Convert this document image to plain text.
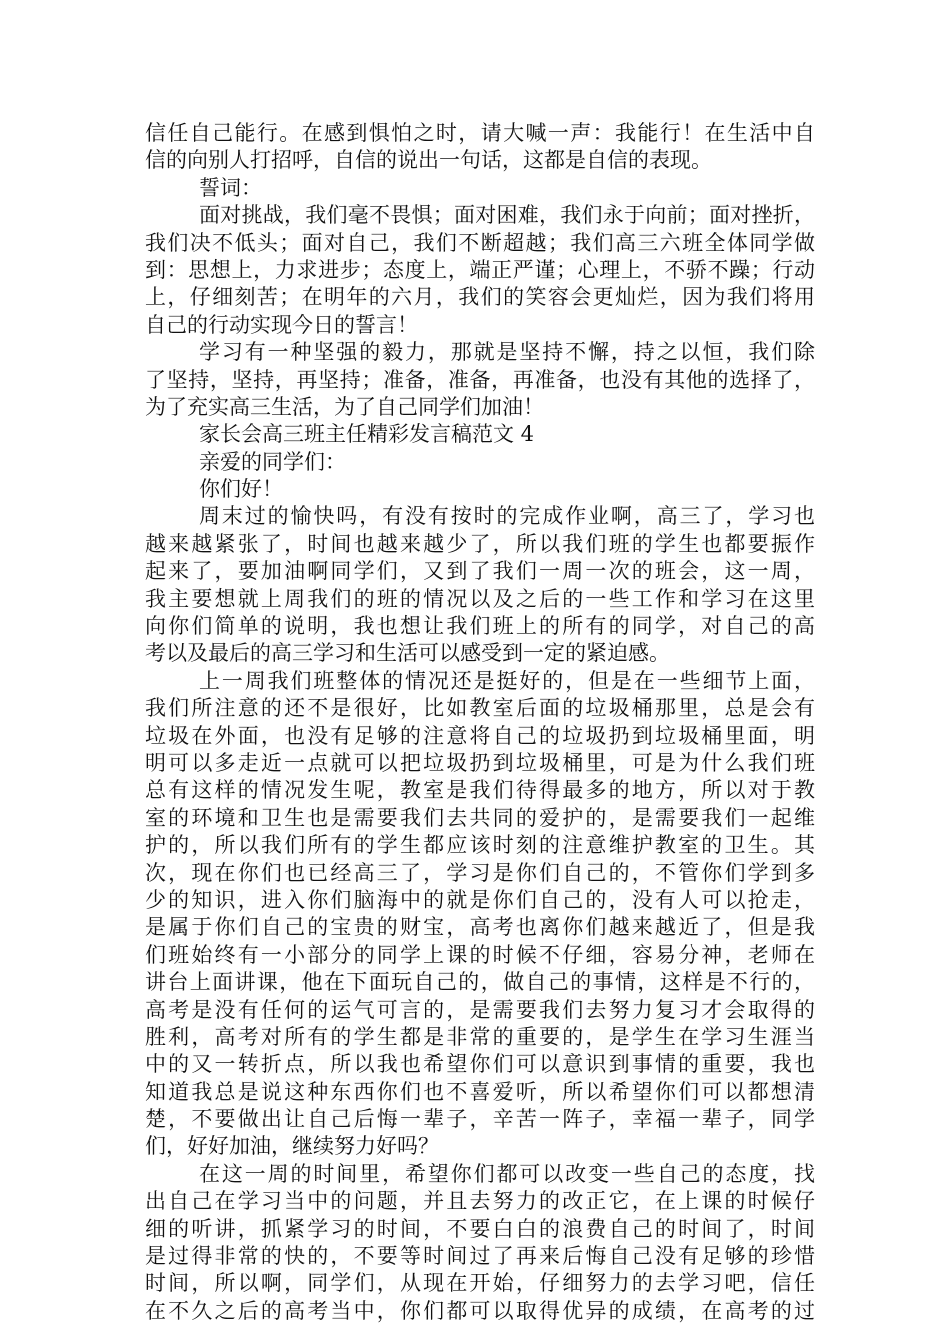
信任自己能行。在感到惧怕之时，请大喊一声：我能行！在生活中自
信的向别人打招呼，自信的说出一句话，这都是自信的表现。
誓词：
面对挑战，我们毫不畏惧；面对困难，我们永于向前；面对挫折，
我们决不低头；面对自己，我们不断超越；我们高三六班全体同学做
到：思想上，力求进步；态度上，端正严谨；心理上，不骄不躁；行动
上，仔细刻苦；在明年的六月，我们的笑容会更灿烂，因为我们将用
自己的行动实现今日的誓言！
学习有一种坚强的毅力，那就是坚持不懈，持之以恒，我们除
了坚持，坚持，再坚持；准备，准备，再准备，也没有其他的选择了，
为了充实高三生活，为了自己同学们加油！
家长会高三班主任精彩发言稿范文 4
亲爱的同学们：
你们好！
周末过的愉快吗，有没有按时的完成作业啊，高三了，学习也
越来越紧张了，时间也越来越少了，所以我们班的学生也都要振作
起来了，要加油啊同学们，又到了我们一周一次的班会，这一周，
我主要想就上周我们的班的情况以及之后的一些工作和学习在这里
向你们简单的说明，我也想让我们班上的所有的同学，对自己的高
考以及最后的高三学习和生活可以感受到一定的紧迫感。
上一周我们班整体的情况还是挺好的，但是在一些细节上面，
我们所注意的还不是很好，比如教室后面的垃圾桶那里，总是会有
垃圾在外面，也没有足够的注意将自己的垃圾扔到垃圾桶里面，明
明可以多走近一点就可以把垃圾扔到垃圾桶里，可是为什么我们班
总有这样的情况发生呢，教室是我们待得最多的地方，所以对于教
室的环境和卫生也是需要我们去共同的爱护的，是需要我们一起维
护的，所以我们所有的学生都应该时刻的注意维护教室的卫生。其
次，现在你们也已经高三了，学习是你们自己的，不管你们学到多
少的知识，进入你们脑海中的就是你们自己的，没有人可以抢走，
是属于你们自己的宝贵的财宝，高考也离你们越来越近了，但是我
们班始终有一小部分的同学上课的时候不仔细，容易分神，老师在
讲台上面讲课，他在下面玩自己的，做自己的事情，这样是不行的，
高考是没有任何的运气可言的，是需要我们去努力复习才会取得的
胜利，高考对所有的学生都是非常的重要的，是学生在学习生涯当
中的又一转折点，所以我也希望你们可以意识到事情的重要，我也
知道我总是说这种东西你们也不喜爱听，所以希望你们可以都想清
楚，不要做出让自己后悔一辈子，辛苦一阵子，幸福一辈子，同学
们，好好加油，继续努力好吗？
在这一周的时间里，希望你们都可以改变一些自己的态度，找
出自己在学习当中的问题，并且去努力的改正它，在上课的时候仔
细的听讲，抓紧学习的时间，不要白白的浪费自己的时间了，时间
是过得非常的快的，不要等时间过了再来后悔自己没有足够的珍惜
时间，所以啊，同学们，从现在开始，仔细努力的去学习吧，信任
在不久之后的高考当中，你们都可以取得优异的成绩，在高考的过
